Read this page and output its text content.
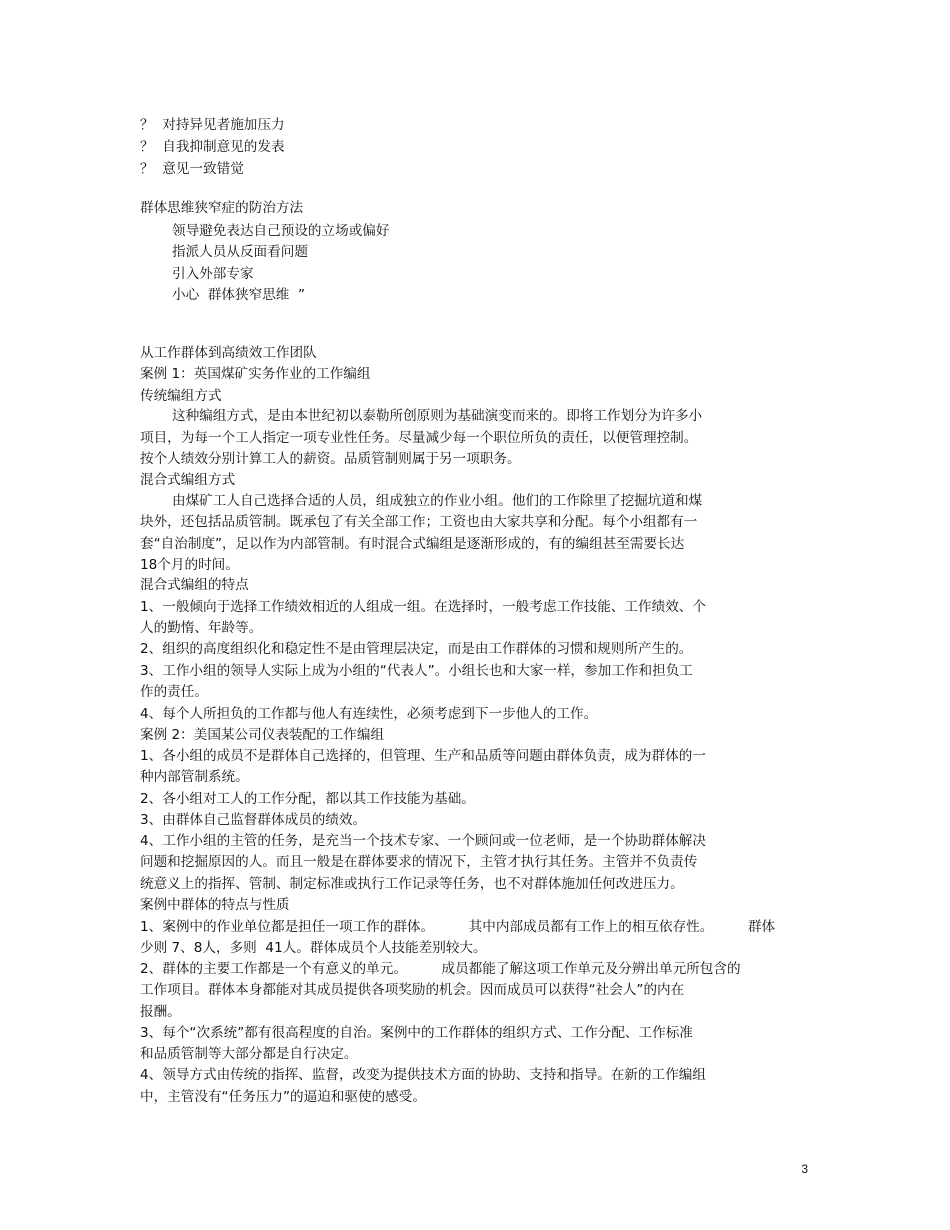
？  对持异见者施加压力
？  自我抑制意见的发表
？  意见一致错觉
群体思维狭窄症的防治方法
领导避免表达自己预设的立场或偏好
指派人员从反面看问题
引入外部专家
小心  群体狭窄思维  ”
从工作群体到高绩效工作团队
案例 1：英国煤矿实务作业的工作编组
传统编组方式
这种编组方式，是由本世纪初以泰勒所创原则为基础演变而来的。即将工作划分为许多小
项目，为每一个工人指定一项专业性任务。尽量减少每一个职位所负的责任，以便管理控制。
按个人绩效分别计算工人的薪资。品质管制则属于另一项职务。
混合式编组方式
由煤矿工人自己选择合适的人员，组成独立的作业小组。他们的工作除里了挖掘坑道和煤
块外，还包括品质管制。既承包了有关全部工作；工资也由大家共享和分配。每个小组都有一
套“自治制度”，足以作为内部管制。有时混合式编组是逐渐形成的，有的编组甚至需要长达
18个月的时间。
混合式编组的特点
1、一般倾向于选择工作绩效相近的人组成一组。在选择时，一般考虑工作技能、工作绩效、个
人的勤惰、年龄等。
2、组织的高度组织化和稳定性不是由管理层决定，而是由工作群体的习惯和规则所产生的。
3、工作小组的领导人实际上成为小组的“代表人”。小组长也和大家一样，参加工作和担负工
作的责任。
4、每个人所担负的工作都与他人有连续性，必须考虑到下一步他人的工作。
案例 2：美国某公司仪表装配的工作编组
1、各小组的成员不是群体自己选择的，但管理、生产和品质等问题由群体负责，成为群体的一
种内部管制系统。
2、各小组对工人的工作分配，都以其工作技能为基础。
3、由群体自己监督群体成员的绩效。
4、工作小组的主管的任务，是充当一个技术专家、一个顾问或一位老师，是一个协助群体解决
问题和挖掘原因的人。而且一般是在群体要求的情况下，主管才执行其任务。主管并不负责传
统意义上的指挥、管制、制定标准或执行工作记录等任务，也不对群体施加任何改进压力。
案例中群体的特点与性质
1、案例中的作业单位都是担任一项工作的群体。        其中内部成员都有工作上的相互依存性。        群体
少则 7、8人，多则  41人。群体成员个人技能差别较大。
2、群体的主要工作都是一个有意义的单元。        成员都能了解这项工作单元及分辨出单元所包含的
工作项目。群体本身都能对其成员提供各项奖励的机会。因而成员可以获得“社会人”的内在
报酬。
3、每个“次系统”都有很高程度的自治。案例中的工作群体的组织方式、工作分配、工作标准
和品质管制等大部分都是自行决定。
4、领导方式由传统的指挥、监督，改变为提供技术方面的协助、支持和指导。在新的工作编组
中，主管没有“任务压力”的逼迫和驱使的感受。
3
